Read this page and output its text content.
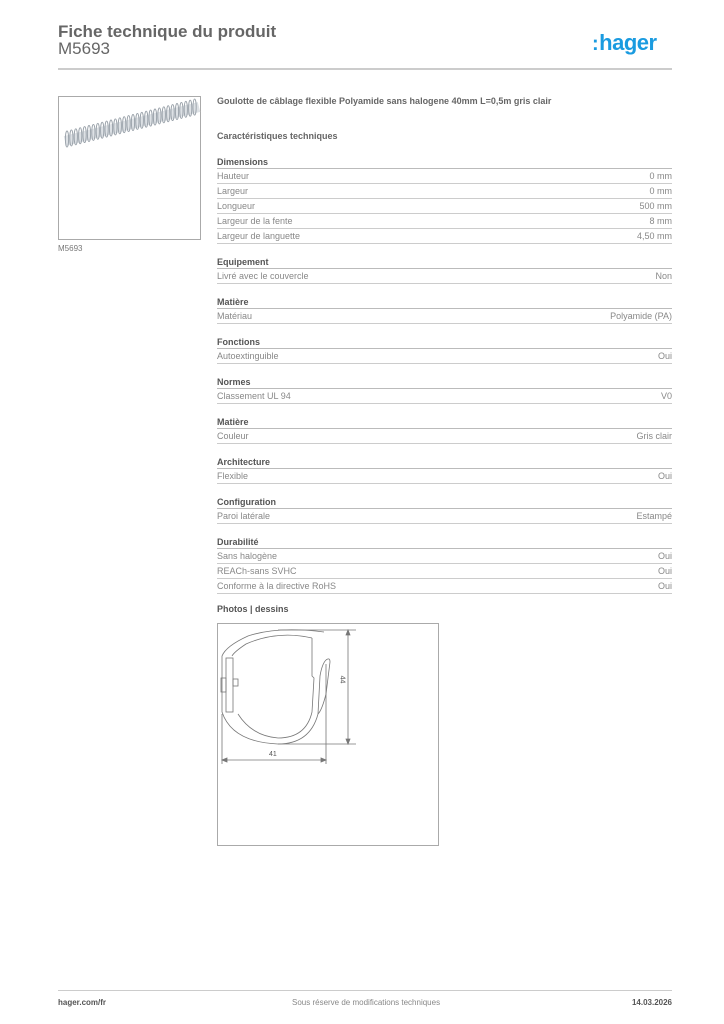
Fiche technique du produit
M5693	:hager
M5693
Goulotte de câblage flexible Polyamide sans halogene 40mm L=0,5m gris clair
Caractéristiques techniques
Dimensions
Hauteur	0 mm
Largeur	0 mm
Longueur	500 mm
Largeur de la fente	8 mm
Largeur de languette	4,50 mm
Equipement
Livré avec le couvercle	Non
Matière
Matériau	Polyamide (PA)
Fonctions
Autoextinguible	Oui
Normes
Classement UL 94	V0
Matière
Couleur	Gris clair
Architecture
Flexible	Oui
Configuration
Paroi latérale	Estampé
Durabilité
Sans halogène	Oui
REACh-sans SVHC	Oui
Conforme à la directive RoHS	Oui
Photos | dessins
44
41
hager.com/fr	Sous réserve de modifications techniques	14.03.2026
